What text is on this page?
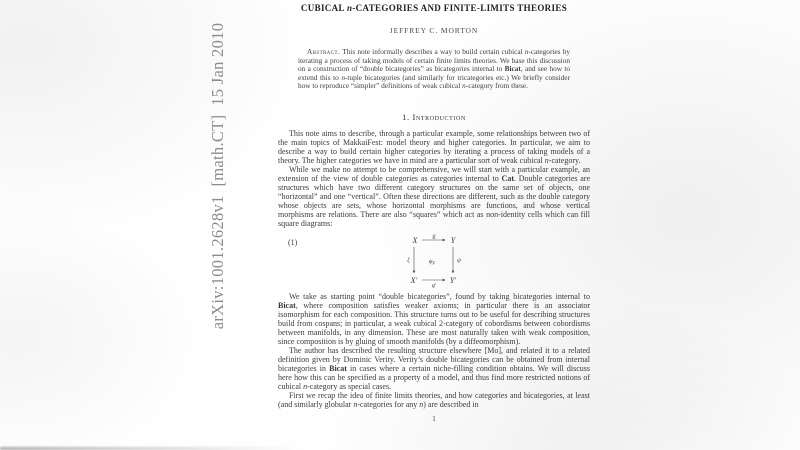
arXiv:1001.2628v1  [math.CT]  15 Jan 2010
CUBICAL n-CATEGORIES AND FINITE-LIMITS THEORIES
JEFFREY C. MORTON

Abstract. This note informally describes a way to build certain cubical n-categories by iterating a process of taking models of certain finite limits theories. We base this discussion on a construction of “double bicategories” as bicategories internal to Bicat, and see how to extend this to n-tuple bicategories (and similarly for tricategories etc.) We briefly consider how to reproduce “simpler” definitions of weak cubical n-category from these.

1. Introduction

This note aims to describe, through a particular example, some relationships between two of the main topics of MakkaiFest: model theory and higher categories. In particular, we aim to describe a way to build certain higher categories by iterating a process of taking models of a theory. The higher categories we have in mind are a particular sort of weak cubical n-category.

While we make no attempt to be comprehensive, we will start with a particular example, an extension of the view of double categories as categories internal to Cat. Double categories are structures which have two different category structures on the same set of objects, one “horizontal” and one “vertical”. Often these directions are different, such as the double category whose objects are sets, whose horizontal morphisms are functions, and whose vertical morphisms are relations. There are also “squares” which act as non-identity cells which can fill square diagrams:

(1)	X	Y
X′	Y′
g
g′
ξ	ψ
φF

We take as starting point “double bicategories”, found by taking bicategories internal to Bicat, where composition satisfies weaker axioms; in particular there is an associator isomorphism for each composition. This structure turns out to be useful for describing structures build from cospans; in particular, a weak cubical 2-category of cobordisms between cobordisms between manifolds, in any dimension. These are most naturally taken with weak composition, since composition is by gluing of smooth manifolds (by a diffeomorphism).

The author has described the resulting structure elsewhere [Mo], and related it to a related definition given by Dominic Verity. Verity’s double bicategories can be obtained from internal bicategories in Bicat in cases where a certain niche-filling condition obtains. We will discuss here how this can be specified as a property of a model, and thus find more restricted notions of cubical n-category as special cases.

First we recap the idea of finite limits theories, and how categories and bicategories, at least (and similarly globular n-categories for any n) are described in

1
